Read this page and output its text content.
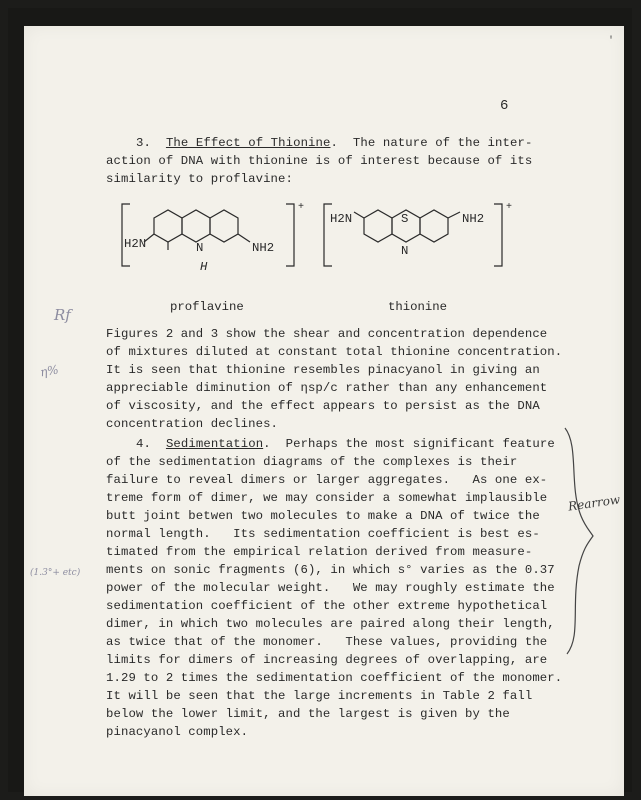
'
6
3. The Effect of Thionine.  The nature of the inter-
action of DNA with thionine is of interest because of its
similarity to proflavine:
H2N	N
H
NH2
+
H2N	S
N
NH2
+
proflavine	thionine
Figures 2 and 3 show the shear and concentration dependence
of mixtures diluted at constant total thionine concentration.
It is seen that thionine resembles pinacyanol in giving an
appreciable diminution of ηsp/c rather than any enhancement
of viscosity, and the effect appears to persist as the DNA
concentration declines.
4. Sedimentation.  Perhaps the most significant feature
of the sedimentation diagrams of the complexes is their
failure to reveal dimers or larger aggregates.   As one ex-
treme form of dimer, we may consider a somewhat implausible
butt joint betwen two molecules to make a DNA of twice the
normal length.   Its sedimentation coefficient is best es-
timated from the empirical relation derived from measure-
ments on sonic fragments (6), in which s° varies as the 0.37
power of the molecular weight.   We may roughly estimate the
sedimentation coefficient of the other extreme hypothetical
dimer, in which two molecules are paired along their length,
as twice that of the monomer.   These values, providing the
limits for dimers of increasing degrees of overlapping, are
1.29 to 2 times the sedimentation coefficient of the monomer.
It will be seen that the large increments in Table 2 fall
below the lower limit, and the largest is given by the
pinacyanol complex.
Rearrow
Rf
η%
(1.3°+ etc)
